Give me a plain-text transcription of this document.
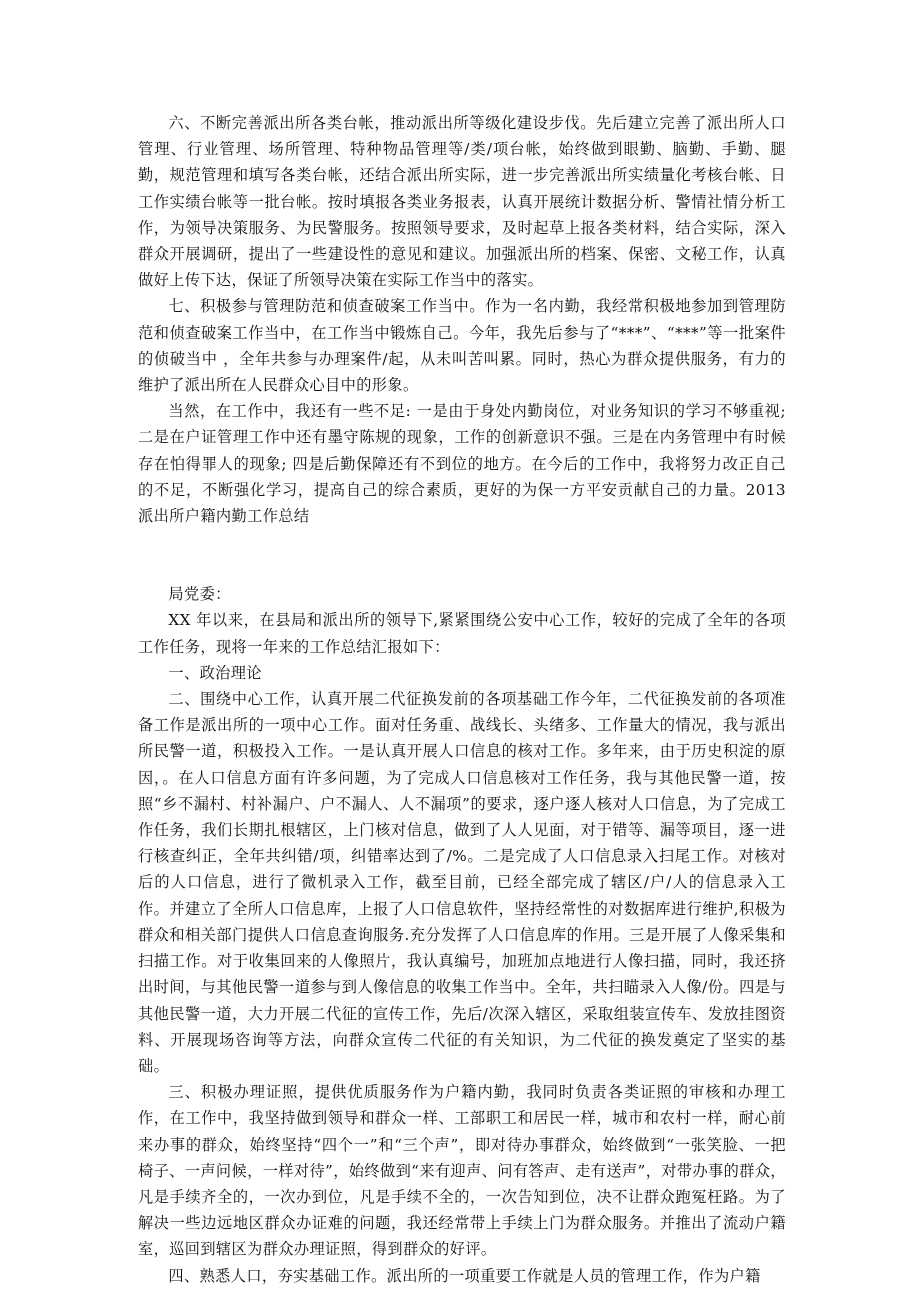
六、不断完善派出所各类台帐，推动派出所等级化建设步伐。先后建立完善了派出所人口管理、行业管理、场所管理、特种物品管理等/类/项台帐，始终做到眼勤、脑勤、手勤、腿勤，规范管理和填写各类台帐，还结合派出所实际，进一步完善派出所实绩量化考核台帐、日工作实绩台帐等一批台帐。按时填报各类业务报表，认真开展统计数据分析、警情社情分析工作，为领导决策服务、为民警服务。按照领导要求，及时起草上报各类材料，结合实际，深入群众开展调研，提出了一些建设性的意见和建议。加强派出所的档案、保密、文秘工作，认真做好上传下达，保证了所领导决策在实际工作当中的落实。

七、积极参与管理防范和侦查破案工作当中。作为一名内勤，我经常积极地参加到管理防范和侦查破案工作当中，在工作当中锻炼自己。今年，我先后参与了“***”、“***”等一批案件的侦破当中 ，全年共参与办理案件/起，从未叫苦叫累。同时，热心为群众提供服务，有力的维护了派出所在人民群众心目中的形象。

当然，在工作中，我还有一些不足: 一是由于身处内勤岗位，对业务知识的学习不够重视; 二是在户证管理工作中还有墨守陈规的现象，工作的创新意识不强。三是在内务管理中有时候存在怕得罪人的现象; 四是后勤保障还有不到位的地方。在今后的工作中，我将努力改正自己的不足，不断强化学习，提高自己的综合素质，更好的为保一方平安贡献自己的力量。2013 派出所户籍内勤工作总结

局党委：

XX 年以来，在县局和派出所的领导下,紧紧围绕公安中心工作，较好的完成了全年的各项工作任务，现将一年来的工作总结汇报如下：

一、政治理论

二、围绕中心工作，认真开展二代征换发前的各项基础工作今年，二代征换发前的各项准备工作是派出所的一项中心工作。面对任务重、战线长、头绪多、工作量大的情况，我与派出所民警一道，积极投入工作。一是认真开展人口信息的核对工作。多年来，由于历史积淀的原因，。在人口信息方面有许多问题，为了完成人口信息核对工作任务，我与其他民警一道，按照“乡不漏村、村补漏户、户不漏人、人不漏项”的要求，逐户逐人核对人口信息，为了完成工作任务，我们长期扎根辖区，上门核对信息，做到了人人见面，对于错等、漏等项目，逐一进行核查纠正，全年共纠错/项，纠错率达到了/%。二是完成了人口信息录入扫尾工作。对核对后的人口信息，进行了微机录入工作，截至目前，已经全部完成了辖区/户/人的信息录入工作。并建立了全所人口信息库，上报了人口信息软件，坚持经常性的对数据库进行维护,积极为群众和相关部门提供人口信息查询服务.充分发挥了人口信息库的作用。三是开展了人像采集和扫描工作。对于收集回来的人像照片，我认真编号，加班加点地进行人像扫描，同时，我还挤出时间，与其他民警一道参与到人像信息的收集工作当中。全年，共扫瞄录入人像/份。四是与其他民警一道，大力开展二代征的宣传工作，先后/次深入辖区，采取组装宣传车、发放挂图资料、开展现场咨询等方法，向群众宣传二代征的有关知识，为二代征的换发奠定了坚实的基础。

三、积极办理证照，提供优质服务作为户籍内勤，我同时负责各类证照的审核和办理工作，在工作中，我坚持做到领导和群众一样、工部职工和居民一样，城市和农村一样，耐心前来办事的群众，始终坚持“四个一”和“三个声”，即对待办事群众，始终做到“一张笑脸、一把椅子、一声问候，一样对待”，始终做到“来有迎声、问有答声、走有送声”，对带办事的群众，凡是手续齐全的，一次办到位，凡是手续不全的，一次告知到位，决不让群众跑冤枉路。为了解决一些边远地区群众办证难的问题，我还经常带上手续上门为群众服务。并推出了流动户籍室，巡回到辖区为群众办理证照，得到群众的好评。

四、熟悉人口，夯实基础工作。派出所的一项重要工作就是人员的管理工作，作为户籍
